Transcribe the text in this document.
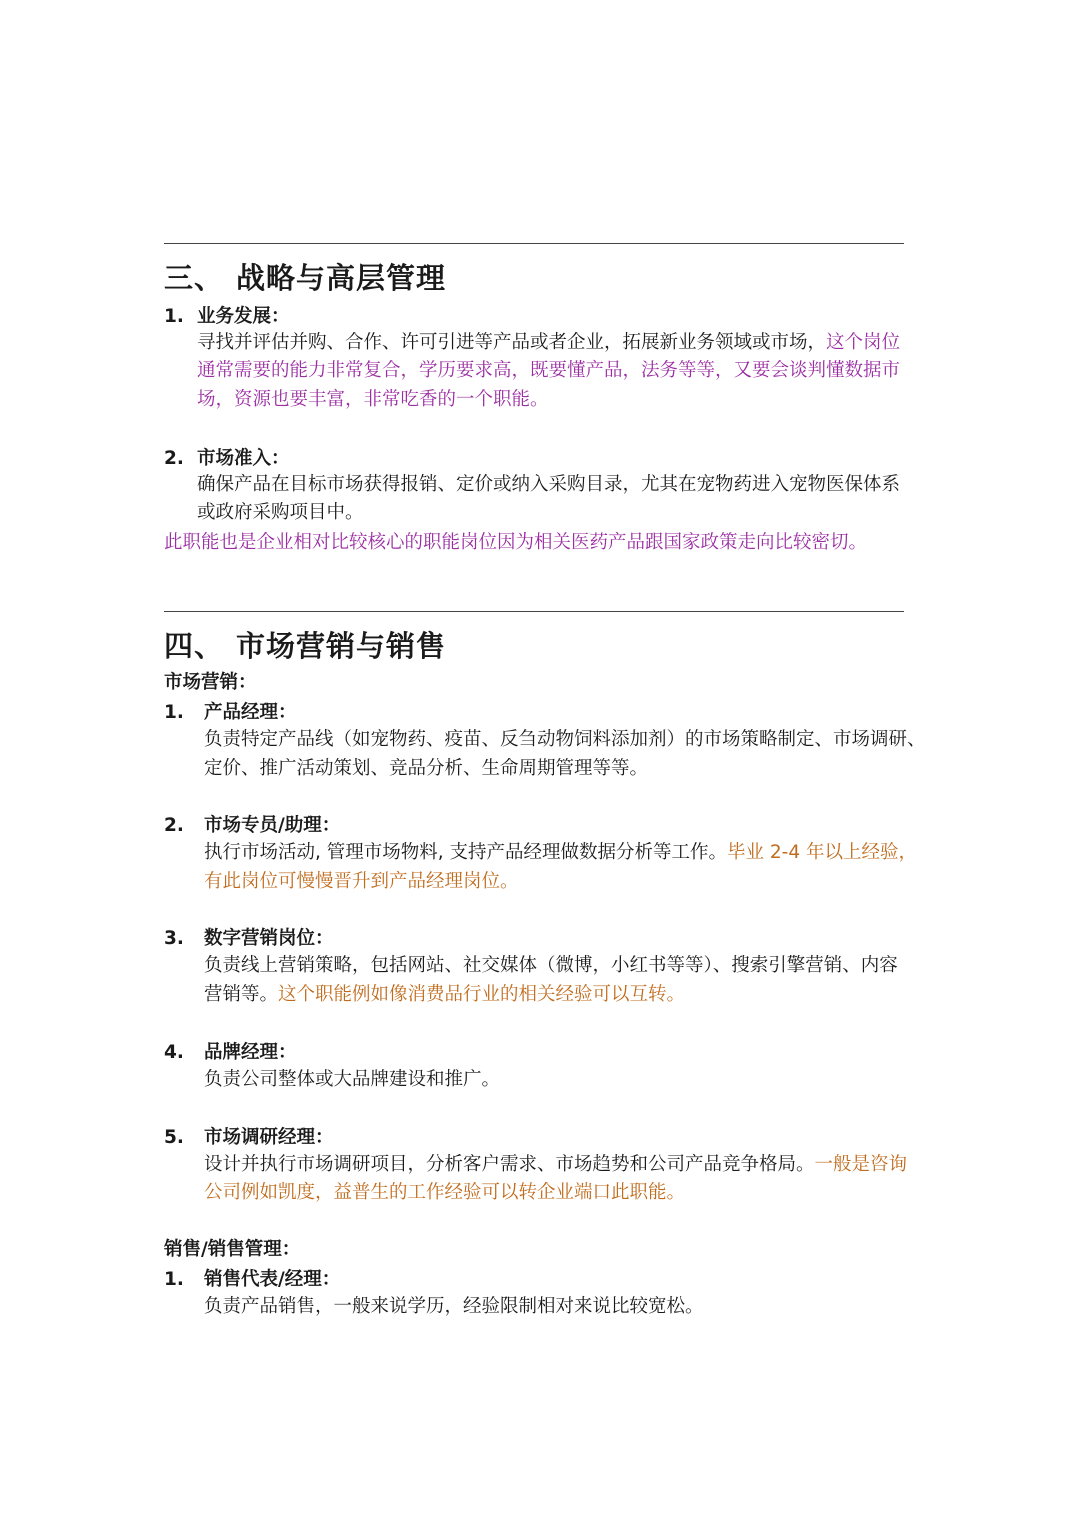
三、 战略与高层管理
1. 业务发展：
寻找并评估并购、合作、许可引进等产品或者企业，拓展新业务领域或市场，这个岗位
通常需要的能力非常复合，学历要求高，既要懂产品，法务等等，又要会谈判懂数据市
场，资源也要丰富，非常吃香的一个职能。
2. 市场准入：
确保产品在目标市场获得报销、定价或纳入采购目录，尤其在宠物药进入宠物医保体系
或政府采购项目中。
此职能也是企业相对比较核心的职能岗位因为相关医药产品跟国家政策走向比较密切。
四、 市场营销与销售
市场营销：
1. 产品经理：
负责特定产品线（如宠物药、疫苗、反刍动物饲料添加剂）的市场策略制定、市场调研、
定价、推广活动策划、竞品分析、生命周期管理等等。
2. 市场专员/助理：
执行市场活动, 管理市场物料, 支持产品经理做数据分析等工作。毕业 2-4 年以上经验，
有此岗位可慢慢晋升到产品经理岗位。
3. 数字营销岗位：
负责线上营销策略，包括网站、社交媒体（微博，小红书等等）、搜索引擎营销、内容
营销等。这个职能例如像消费品行业的相关经验可以互转。
4. 品牌经理：
负责公司整体或大品牌建设和推广。
5. 市场调研经理：
设计并执行市场调研项目，分析客户需求、市场趋势和公司产品竞争格局。一般是咨询
公司例如凯度，益普生的工作经验可以转企业端口此职能。
销售/销售管理：
1. 销售代表/经理：
负责产品销售，一般来说学历，经验限制相对来说比较宽松。
